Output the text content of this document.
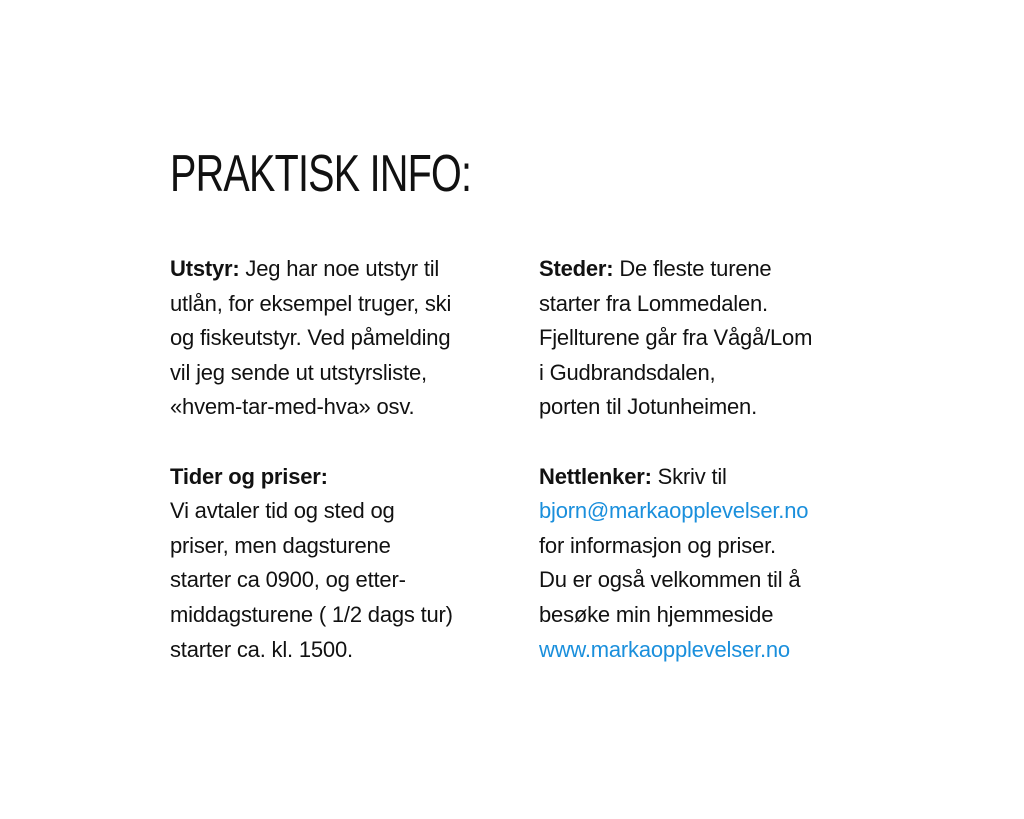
PRAKTISK INFO:
Utstyr: Jeg har noe utstyr til
utlån, for eksempel truger, ski
og fiskeutstyr. Ved påmelding
vil jeg sende ut utstyrsliste,
«hvem-tar-med-hva» osv.
Tider og priser:
Vi avtaler tid og sted og
priser, men dagsturene
starter ca 0900, og etter-
middagsturene ( 1/2 dags tur)
starter ca. kl. 1500.
Steder: De fleste turene
starter fra Lommedalen.
Fjellturene går fra Vågå/Lom
i Gudbrandsdalen,
porten til Jotunheimen.
Nettlenker: Skriv til
bjorn@markaopplevelser.no
for informasjon og priser.
Du er også velkommen til å
besøke min hjemmeside
www.markaopplevelser.no
